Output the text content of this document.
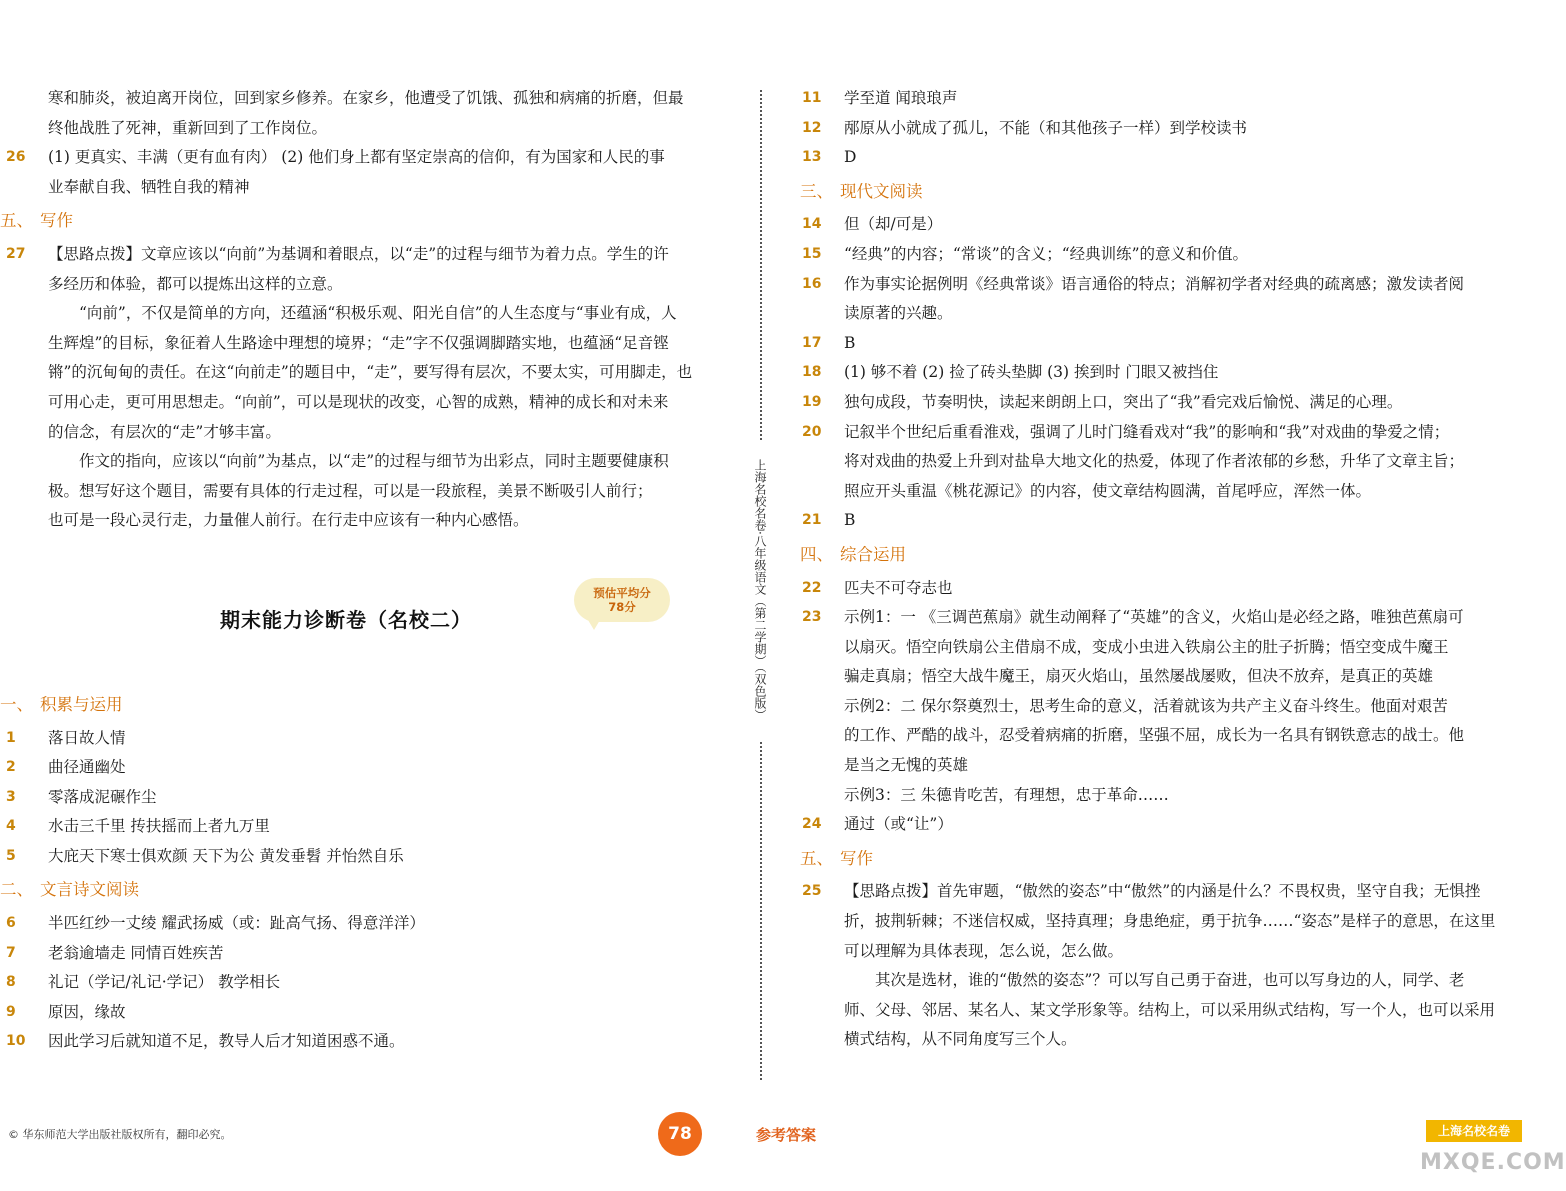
寒和肺炎，被迫离开岗位，回到家乡修养。在家乡，他遭受了饥饿、孤独和病痛的折磨，但最
终他战胜了死神，重新回到了工作岗位。
26 (1) 更真实、丰满（更有血有肉） (2) 他们身上都有坚定崇高的信仰，有为国家和人民的事
业奉献自我、牺牲自我的精神
五、 写作
27 【思路点拨】文章应该以“向前”为基调和着眼点，以“走”的过程与细节为着力点。学生的许
多经历和体验，都可以提炼出这样的立意。
“向前”，不仅是简单的方向，还蕴涵“积极乐观、阳光自信”的人生态度与“事业有成，人
生辉煌”的目标，象征着人生路途中理想的境界；“走”字不仅强调脚踏实地，也蕴涵“足音铿
锵”的沉甸甸的责任。在这“向前走”的题目中，“走”，要写得有层次，不要太实，可用脚走，也
可用心走，更可用思想走。“向前”，可以是现状的改变，心智的成熟，精神的成长和对未来
的信念，有层次的“走”才够丰富。
作文的指向，应该以“向前”为基点，以“走”的过程与细节为出彩点，同时主题要健康积
极。想写好这个题目，需要有具体的行走过程，可以是一段旅程，美景不断吸引人前行；
也可是一段心灵行走，力量催人前行。在行走中应该有一种内心感悟。
期末能力诊断卷（名校二）
预估平均分
78分
一、 积累与运用
1 落日故人情
2 曲径通幽处
3 零落成泥碾作尘
4 水击三千里 抟扶摇而上者九万里
5 大庇天下寒士俱欢颜 天下为公 黄发垂髫 并怡然自乐
二、 文言诗文阅读
6 半匹红纱一丈绫 耀武扬威（或：趾高气扬、得意洋洋）
7 老翁逾墙走 同情百姓疾苦
8 礼记（学记/礼记·学记） 教学相长
9 原因，缘故
10 因此学习后就知道不足，教导人后才知道困惑不通。
上海名校名卷·八年级语文（第二学期）（双色版）
11 学至道 闻琅琅声
12 邴原从小就成了孤儿，不能（和其他孩子一样）到学校读书
13 D
三、 现代文阅读
14 但（却/可是）
15 “经典”的内容；“常谈”的含义；“经典训练”的意义和价值。
16 作为事实论据例明《经典常谈》语言通俗的特点；消解初学者对经典的疏离感；激发读者阅
读原著的兴趣。
17 B
18 (1) 够不着 (2) 捡了砖头垫脚 (3) 挨到时 门眼又被挡住
19 独句成段，节奏明快，读起来朗朗上口，突出了“我”看完戏后愉悦、满足的心理。
20 记叙半个世纪后重看淮戏，强调了儿时门缝看戏对“我”的影响和“我”对戏曲的挚爱之情；
将对戏曲的热爱上升到对盐阜大地文化的热爱，体现了作者浓郁的乡愁，升华了文章主旨；
照应开头重温《桃花源记》的内容，使文章结构圆满，首尾呼应，浑然一体。
21 B
四、 综合运用
22 匹夫不可夺志也
23 示例1：一 《三调芭蕉扇》就生动阐释了“英雄”的含义，火焰山是必经之路，唯独芭蕉扇可
以扇灭。悟空向铁扇公主借扇不成，变成小虫进入铁扇公主的肚子折腾；悟空变成牛魔王
骗走真扇；悟空大战牛魔王，扇灭火焰山，虽然屡战屡败，但决不放弃，是真正的英雄
示例2：二 保尔祭奠烈士，思考生命的意义，活着就该为共产主义奋斗终生。他面对艰苦
的工作、严酷的战斗，忍受着病痛的折磨，坚强不屈，成长为一名具有钢铁意志的战士。他
是当之无愧的英雄
示例3：三 朱德肯吃苦，有理想，忠于革命……
24 通过（或“让”）
五、 写作
25 【思路点拨】首先审题，“傲然的姿态”中“傲然”的内涵是什么？不畏权贵，坚守自我；无惧挫
折，披荆斩棘；不迷信权威，坚持真理；身患绝症，勇于抗争……“姿态”是样子的意思，在这里
可以理解为具体表现，怎么说，怎么做。
其次是选材，谁的“傲然的姿态”？可以写自己勇于奋进，也可以写身边的人，同学、老
师、父母、邻居、某名人、某文学形象等。结构上，可以采用纵式结构，写一个人，也可以采用
横式结构，从不同角度写三个人。
© 华东师范大学出版社版权所有，翻印必究。	78	参考答案	上海名校名卷
MXQE.COM
